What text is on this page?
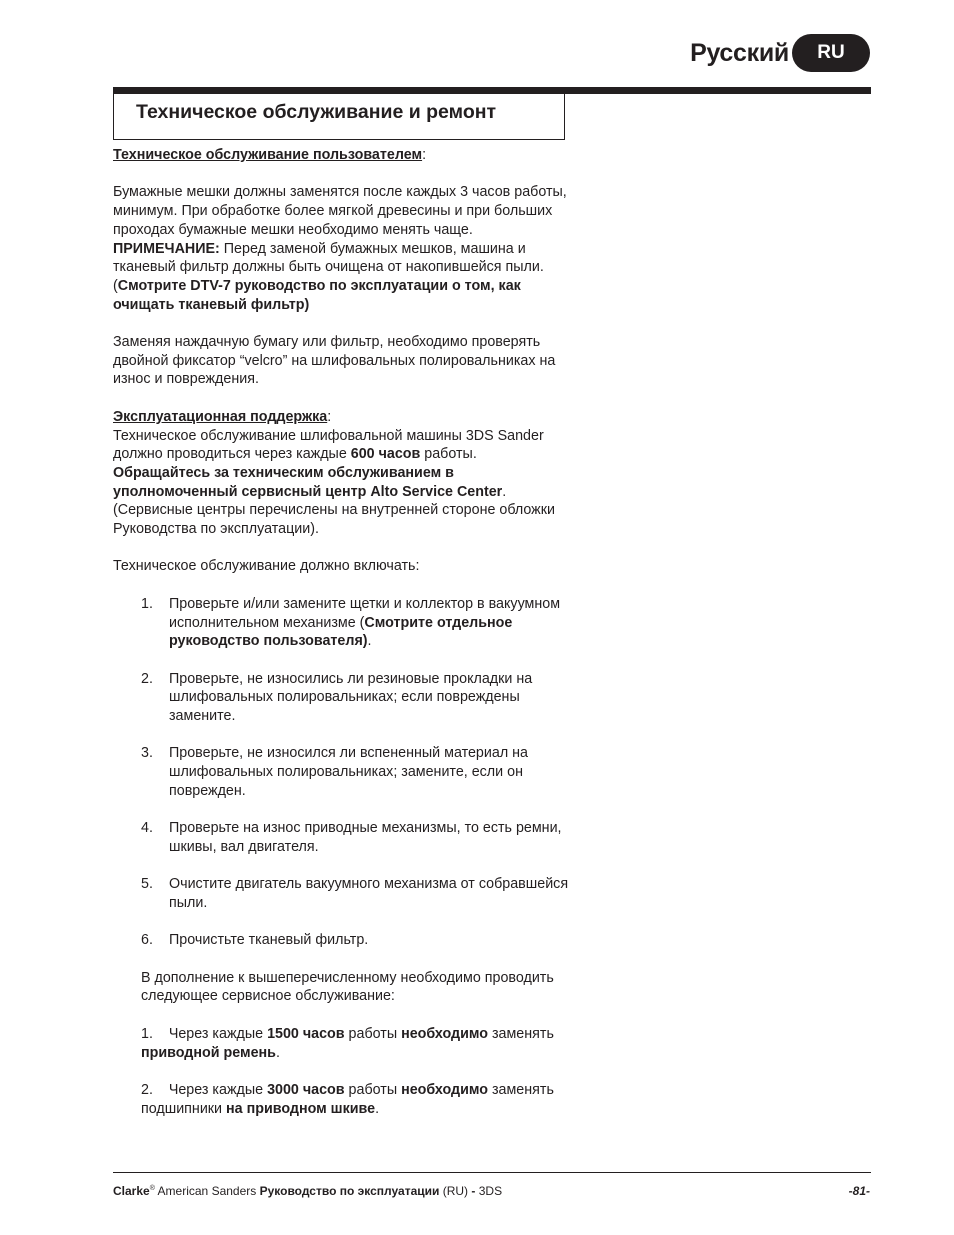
Русский	RU
Техническое обслуживание и ремонт

Техническое обслуживание пользователем:

Бумажные мешки должны заменятся после каждых 3 часов работы, минимум. При обработке более мягкой древесины и при больших проходах бумажные мешки необходимо менять чаще. ПРИМЕЧАНИЕ: Перед заменой бумажных мешков, машина и тканевый фильтр должны быть очищена от накопившейся пыли. (Смотрите DTV-7 руководство по эксплуатации о том, как очищать тканевый фильтр)

Заменяя наждачную бумагу или фильтр, необходимо проверять двойной фиксатор “velcro” на шлифовальных полировальниках на износ и повреждения.

Эксплуатационная поддержка:

Техническое обслуживание шлифовальной машины 3DS Sander должно проводиться через каждые 600 часов работы. Обращайтесь за техническим обслуживанием в уполномоченный сервисный центр Alto Service Center. (Сервисные центры перечислены на внутренней стороне обложки Руководства по эксплуатации).

Техническое обслуживание должно включать:

1. Проверьте и/или замените щетки и коллектор в вакуумном исполнительном механизме (Смотрите отдельное руководство пользователя).
2. Проверьте, не износились ли резиновые прокладки на шлифовальных полировальниках; если повреждены замените.
3. Проверьте, не износился ли вспененный материал на шлифовальных полировальниках; замените, если он поврежден.
4. Проверьте на износ приводные механизмы, то есть ремни, шкивы, вал двигателя.
5. Очистите двигатель вакуумного механизма от собравшейся пыли.
6. Прочистьте тканевый фильтр.

В дополнение к вышеперечисленному необходимо проводить следующее сервисное обслуживание:

1. Через каждые 1500 часов работы необходимо заменять приводной ремень.

2. Через каждые 3000 часов работы необходимо заменять подшипники на приводном шкиве.

Clarke® American Sanders Руководство по эксплуатации (RU) - 3DS	-81-
